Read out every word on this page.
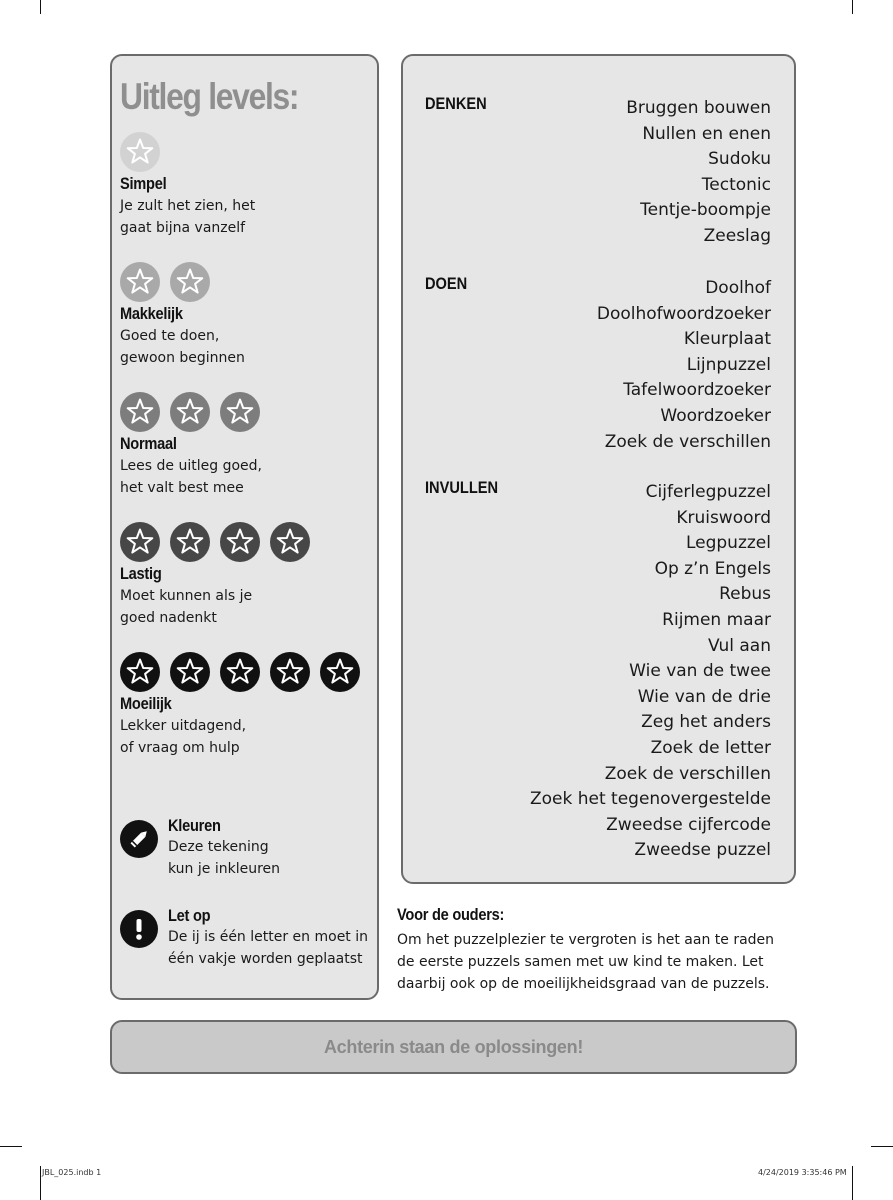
Uitleg levels:
Simpel
Je zult het zien, het
gaat bijna vanzelf
Makkelijk
Goed te doen,
gewoon beginnen
Normaal
Lees de uitleg goed,
het valt best mee
Lastig
Moet kunnen als je
goed nadenkt
Moeilijk
Lekker uitdagend,
of vraag om hulp
Kleuren
Deze tekening
kun je inkleuren
Let op
De ij is één letter en moet in
één vakje worden geplaatst
DENKEN	Bruggen bouwen
Nullen en enen
Sudoku
Tectonic
Tentje-boompje
Zeeslag
DOEN	Doolhof
Doolhofwoordzoeker
Kleurplaat
Lijnpuzzel
Tafelwoordzoeker
Woordzoeker
Zoek de verschillen
INVULLEN	Cijferlegpuzzel
Kruiswoord
Legpuzzel
Op z’n Engels
Rebus
Rijmen maar
Vul aan
Wie van de twee
Wie van de drie
Zeg het anders
Zoek de letter
Zoek de verschillen
Zoek het tegenovergestelde
Zweedse cijfercode
Zweedse puzzel
Voor de ouders:
Om het puzzelplezier te vergroten is het aan te raden
de eerste puzzels samen met uw kind te maken. Let
daarbij ook op de moeilijkheidsgraad van de puzzels.
Achterin staan de oplossingen!
JBL_025.indb 1	4/24/2019 3:35:46 PM
